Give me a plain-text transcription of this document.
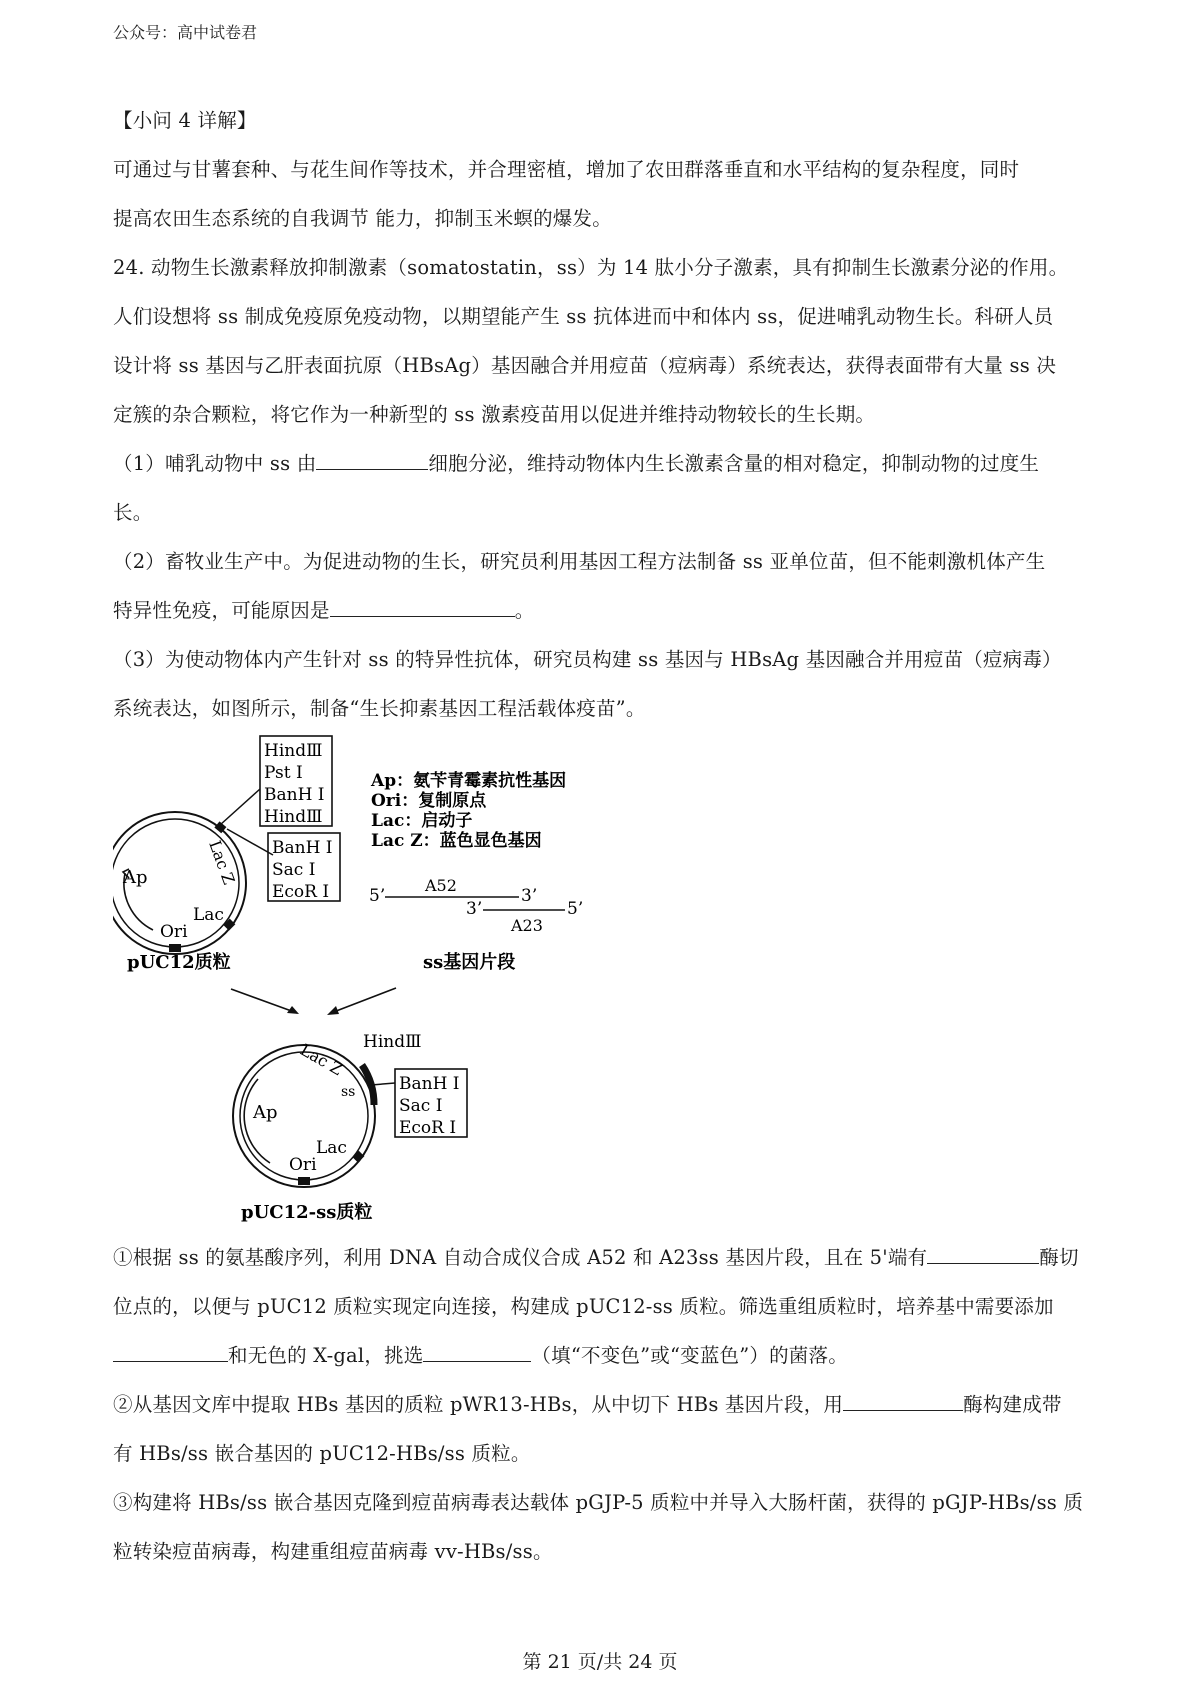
公众号：高中试卷君

【小问 4 详解】

可通过与甘薯套种、与花生间作等技术，并合理密植，增加了农田群落垂直和水平结构的复杂程度，同时

提高农田生态系统的自我调节 能力，抑制玉米螟的爆发。

24. 动物生长激素释放抑制激素（somatostatin，ss）为 14 肽小分子激素，具有抑制生长激素分泌的作用。

人们设想将 ss 制成免疫原免疫动物，以期望能产生 ss 抗体进而中和体内 ss，促进哺乳动物生长。科研人员

设计将 ss 基因与乙肝表面抗原（HBsAg）基因融合并用痘苗（痘病毒）系统表达，获得表面带有大量 ss 决

定簇的杂合颗粒，将它作为一种新型的 ss 激素疫苗用以促进并维持动物较长的生长期。

（1）哺乳动物中 ss 由	细胞分泌，维持动物体内生长激素含量的相对稳定，抑制动物的过度生

长。

（2）畜牧业生产中。为促进动物的生长，研究员利用基因工程方法制备 ss 亚单位苗，但不能刺激机体产生

特异性免疫，可能原因是	。

（3）为使动物体内产生针对 ss 的特异性抗体，研究员构建 ss 基因与 HBsAg 基因融合并用痘苗（痘病毒）

系统表达，如图所示，制备“生长抑素基因工程活载体疫苗”。

Ap
Ori
Lac
Lac Z
HindⅢ
Pst Ⅰ
BanH Ⅰ
HindⅢ
BanH Ⅰ
Sac Ⅰ
EcoR Ⅰ
Ap：氨苄青霉素抗性基因
Ori：复制原点
Lac：启动子
Lac Z：蓝色显色基因
5’
A52
3’
3’	5’
A23
pUC12质粒	ss基因片段
Ap
Ori
Lac
Lac Z
ss
HindⅢ
BanH Ⅰ
Sac Ⅰ
EcoR Ⅰ
pUC12-ss质粒

①根据 ss 的氨基酸序列，利用 DNA 自动合成仪合成 A52 和 A23ss 基因片段，且在 5'端有	酶切

位点的，以便与 pUC12 质粒实现定向连接，构建成 pUC12-ss 质粒。筛选重组质粒时，培养基中需要添加

和无色的 X-gal，挑选	（填“不变色”或“变蓝色”）的菌落。

②从基因文库中提取 HBs 基因的质粒 pWR13-HBs，从中切下 HBs 基因片段，用	酶构建成带

有 HBs/ss 嵌合基因的 pUC12-HBs/ss 质粒。

③构建将 HBs/ss 嵌合基因克隆到痘苗病毒表达载体 pGJP-5 质粒中并导入大肠杆菌，获得的 pGJP-HBs/ss 质

粒转染痘苗病毒，构建重组痘苗病毒 vv-HBs/ss。

第 21 页/共 24 页
